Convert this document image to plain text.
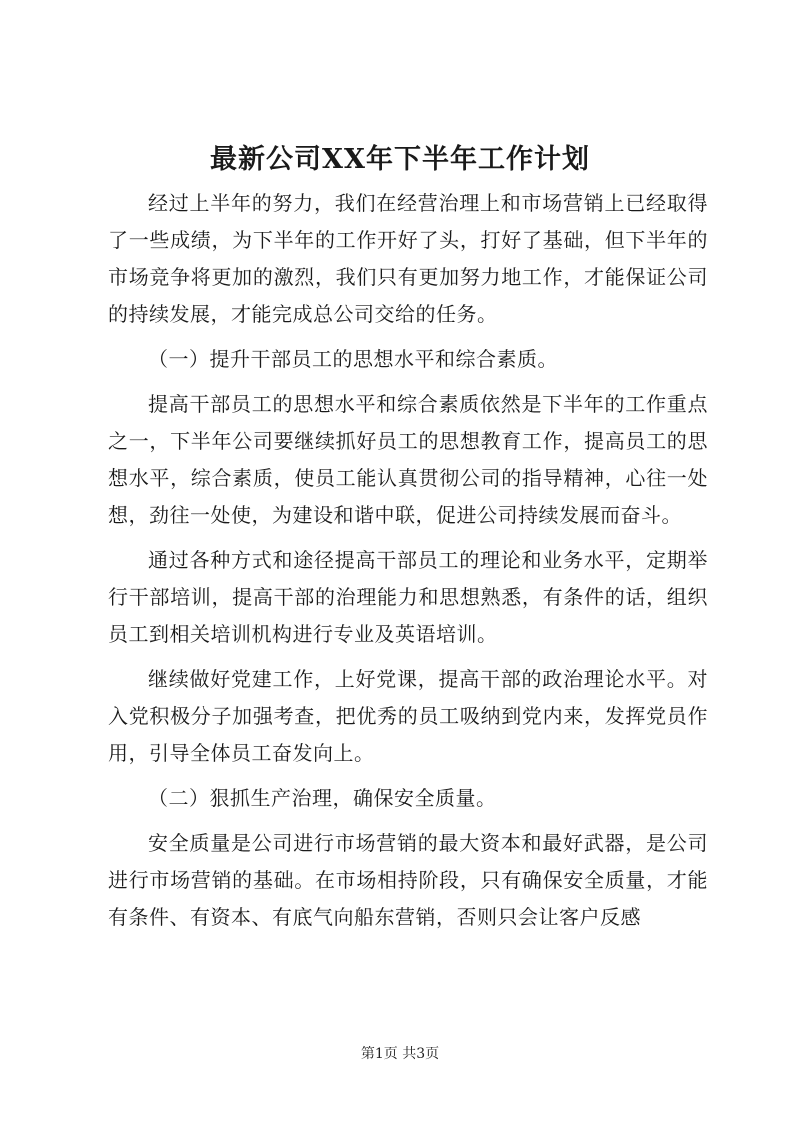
最新公司XX年下半年工作计划

经过上半年的努力，我们在经营治理上和市场营销上已经取得了一些成绩，为下半年的工作开好了头，打好了基础，但下半年的市场竞争将更加的激烈，我们只有更加努力地工作，才能保证公司的持续发展，才能完成总公司交给的任务。

（一）提升干部员工的思想水平和综合素质。

提高干部员工的思想水平和综合素质依然是下半年的工作重点之一，下半年公司要继续抓好员工的思想教育工作，提高员工的思想水平，综合素质，使员工能认真贯彻公司的指导精神，心往一处想，劲往一处使，为建设和谐中联，促进公司持续发展而奋斗。

通过各种方式和途径提高干部员工的理论和业务水平，定期举行干部培训，提高干部的治理能力和思想熟悉，有条件的话，组织员工到相关培训机构进行专业及英语培训。

继续做好党建工作，上好党课，提高干部的政治理论水平。对入党积极分子加强考查，把优秀的员工吸纳到党内来，发挥党员作用，引导全体员工奋发向上。

（二）狠抓生产治理，确保安全质量。

安全质量是公司进行市场营销的最大资本和最好武器，是公司进行市场营销的基础。在市场相持阶段，只有确保安全质量，才能有条件、有资本、有底气向船东营销，否则只会让客户反感

第1页 共3页
